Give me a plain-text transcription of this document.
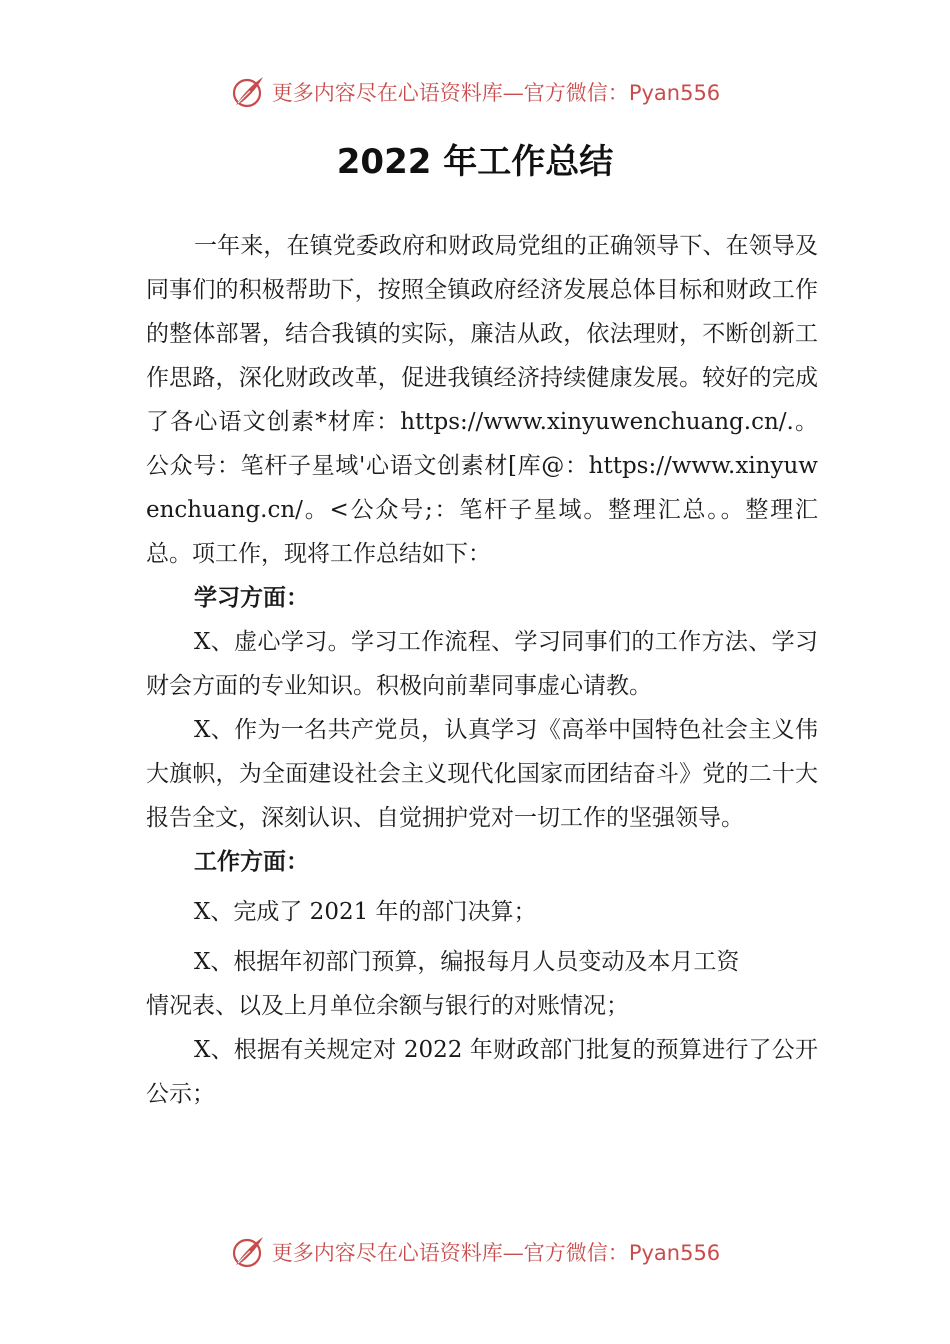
更多内容尽在心语资料库—官方微信：Pyan556
2022 年工作总结

一年来，在镇党委政府和财政局党组的正确领导下、在领导及同事们的积极帮助下，按照全镇政府经济发展总体目标和财政工作的整体部署，结合我镇的实际，廉洁从政，依法理财，不断创新工作思路，深化财政改革，促进我镇经济持续健康发展。较好的完成了各心语文创素*材库：https://www.xinyuwenchuang.cn/.。公众号：笔杆子星域'心语文创素材[库@：https://www.xinyuwenchuang.cn/。<公众号;：笔杆子星域。整理汇总。。整理汇总。项工作，现将工作总结如下：

学习方面：

X、虚心学习。学习工作流程、学习同事们的工作方法、学习财会方面的专业知识。积极向前辈同事虚心请教。

X、作为一名共产党员，认真学习《高举中国特色社会主义伟大旗帜，为全面建设社会主义现代化国家而团结奋斗》党的二十大报告全文，深刻认识、自觉拥护党对一切工作的坚强领导。

工作方面：

X、完成了 2021 年的部门决算；

X、根据年初部门预算，编报每月人员变动及本月工资

情况表、以及上月单位余额与银行的对账情况；

X、根据有关规定对 2022 年财政部门批复的预算进行了公开公示；

更多内容尽在心语资料库—官方微信：Pyan556
